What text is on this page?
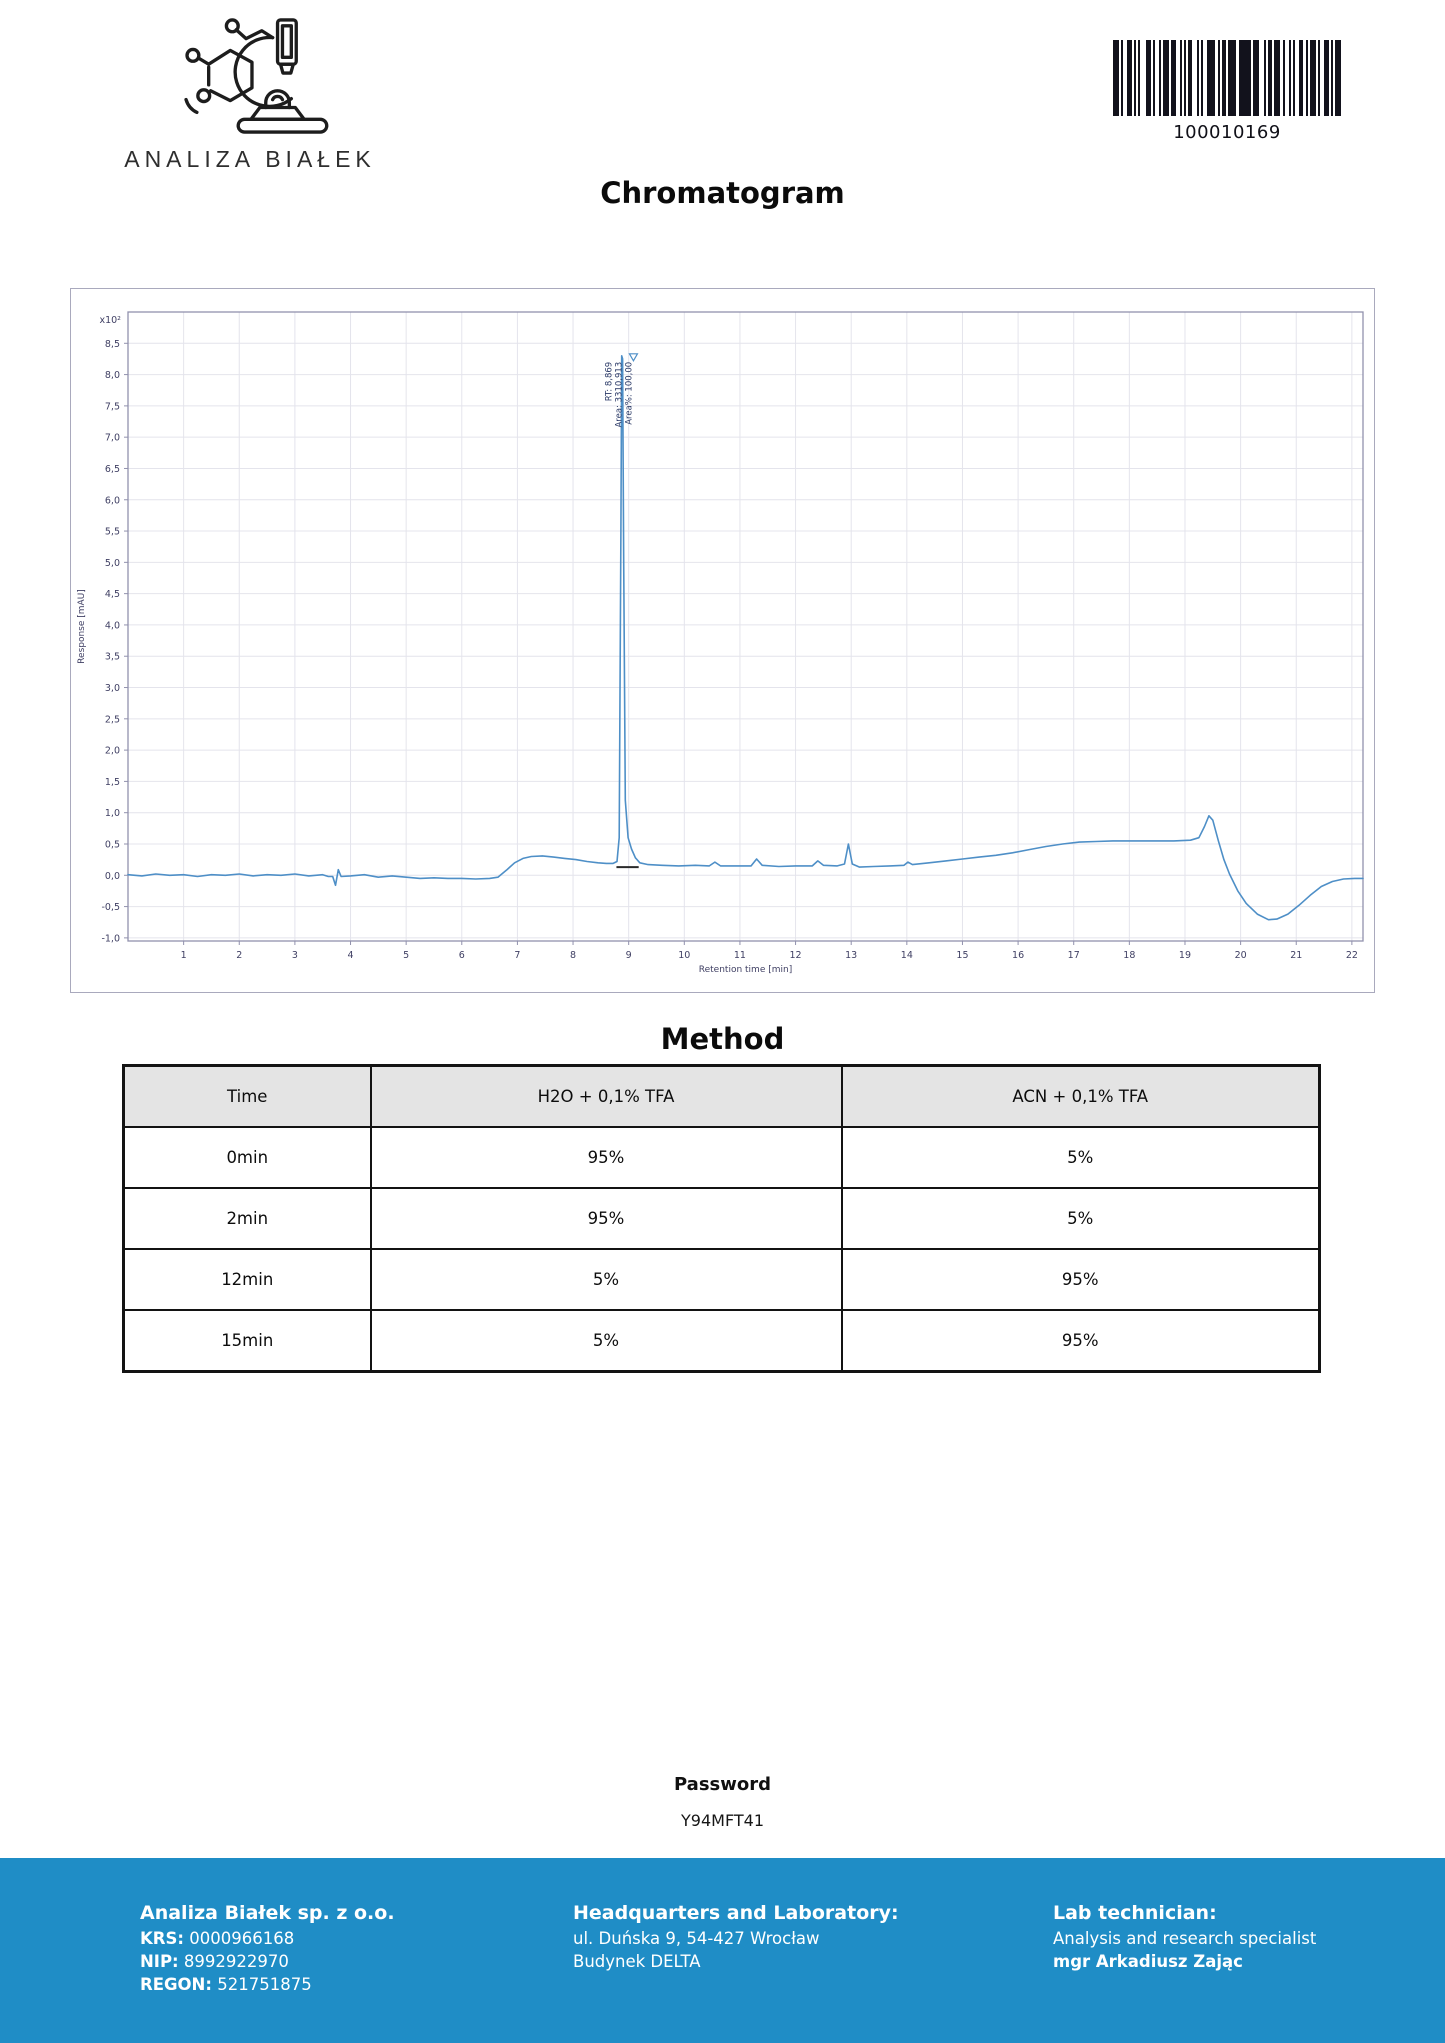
ANALIZA BIAŁEK
100010169
Chromatogram
-1,0
-0,5
0,0
0,5
1,0
1,5
2,0
2,5
3,0
3,5
4,0
4,5
5,0
5,5
6,0
6,5
7,0
7,5
8,0
8,5
x10²
1	2	3	4	5	6	7	8	9	10	11	12	13	14	15	16	17	18	19	20	21	22
Retention time [min]
Response [mAU]
RT: 8,869 Area: 3310,913 Area%: 100,00
Method
Time	H2O + 0,1% TFA	ACN + 0,1% TFA
0min	95%	5%
2min	95%	5%
12min	5%	95%
15min	5%	95%
Password
Y94MFT41
Analiza Białek sp. z o.o.
KRS: 0000966168
NIP: 8992922970
REGON: 521751875
Headquarters and Laboratory:
ul. Duńska 9, 54-427 Wrocław
Budynek DELTA
Lab technician:
Analysis and research specialist
mgr Arkadiusz Zając
